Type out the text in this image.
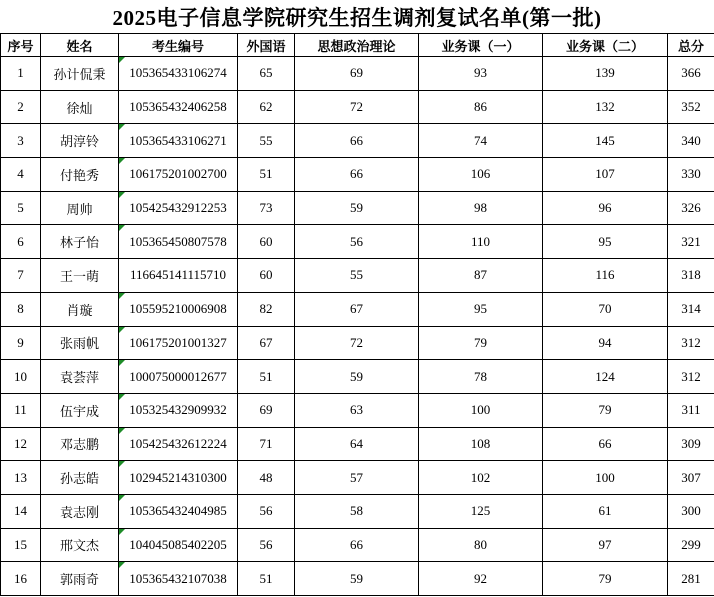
2025电子信息学院研究生招生调剂复试名单(第一批)
序号	姓名	考生编号	外国语	思想政治理论	业务课（一）	业务课（二）	总分
1	孙计侃秉	105365433106274	65	69	93	139	366
2	徐灿	105365432406258	62	72	86	132	352
3	胡淳铃	105365433106271	55	66	74	145	340
4	付艳秀	106175201002700	51	66	106	107	330
5	周帅	105425432912253	73	59	98	96	326
6	林子怡	105365450807578	60	56	110	95	321
7	王一萌	116645141115710	60	55	87	116	318
8	肖璇	105595210006908	82	67	95	70	314
9	张雨帆	106175201001327	67	72	79	94	312
10	袁荟萍	100075000012677	51	59	78	124	312
11	伍宇成	105325432909932	69	63	100	79	311
12	邓志鹏	105425432612224	71	64	108	66	309
13	孙志皓	102945214310300	48	57	102	100	307
14	袁志刚	105365432404985	56	58	125	61	300
15	邢文杰	104045085402205	56	66	80	97	299
16	郭雨奇	105365432107038	51	59	92	79	281
